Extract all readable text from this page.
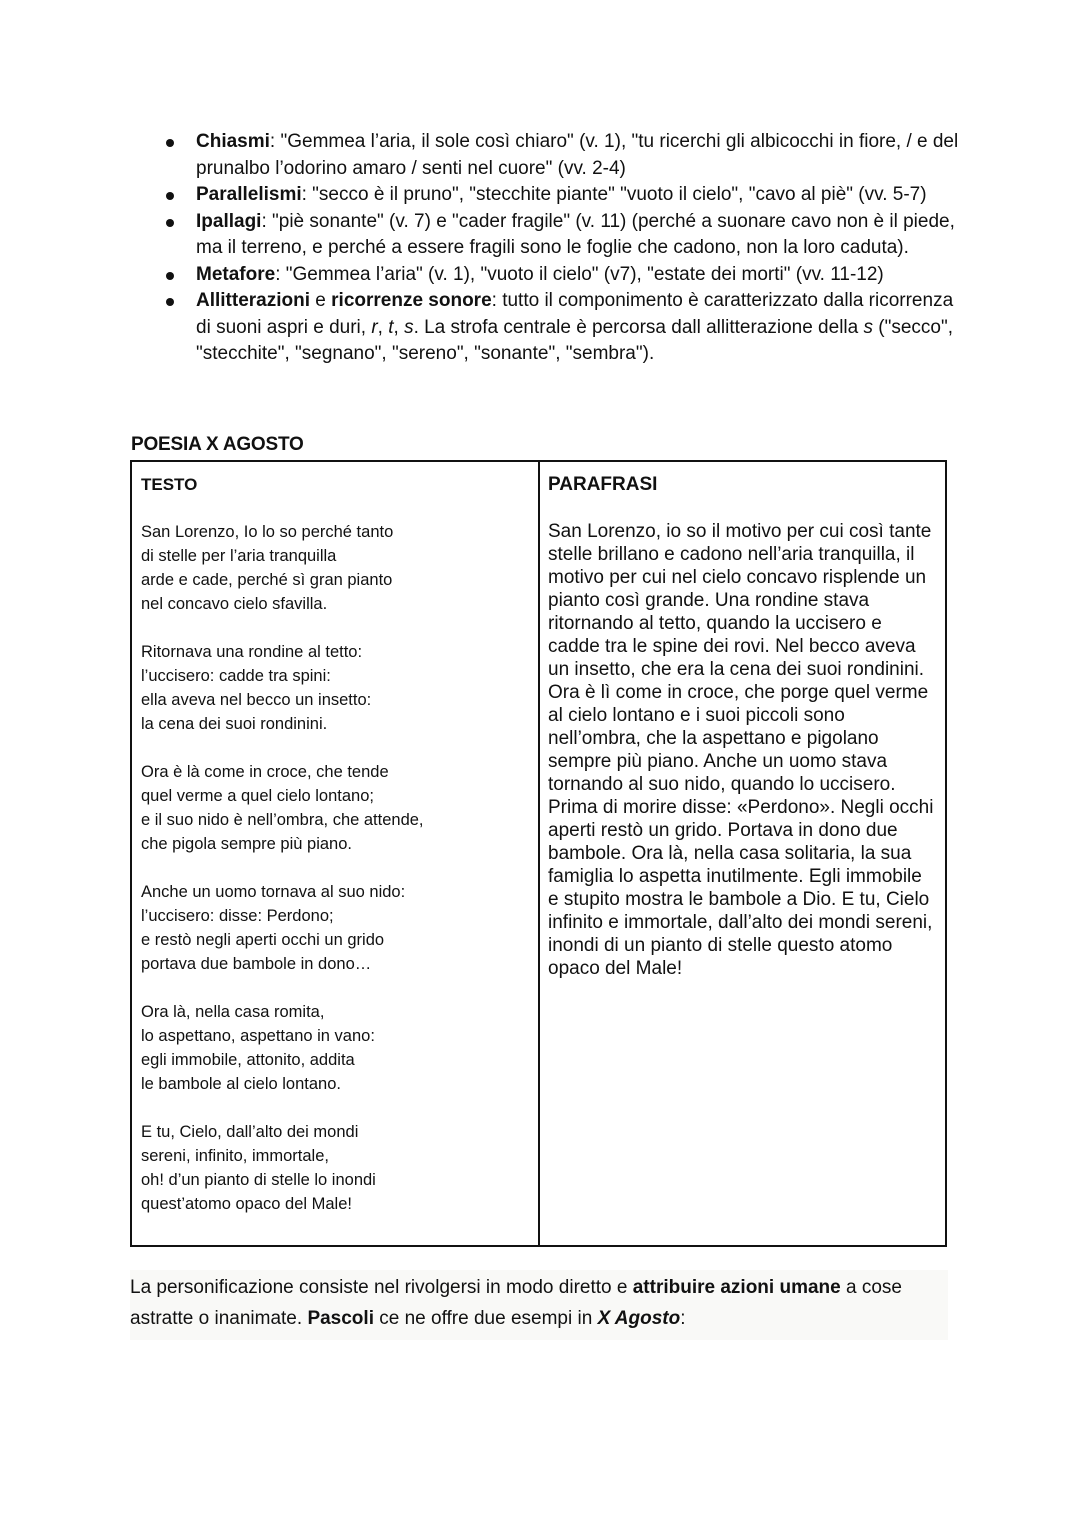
Chiasmi: "Gemmea l’aria, il sole così chiaro" (v. 1), "tu ricerchi gli albicocchi in fiore, / e del prunalbo l’odorino amaro / senti nel cuore" (vv. 2-4)
Parallelismi: "secco è il pruno", "stecchite piante" "vuoto il cielo", "cavo al piè" (vv. 5-7)
Ipallagi: "piè sonante" (v. 7) e "cader fragile" (v. 11) (perché a suonare cavo non è il piede, ma il terreno, e perché a essere fragili sono le foglie che cadono, non la loro caduta).
Metafore: "Gemmea l’aria" (v. 1), "vuoto il cielo" (v7), "estate dei morti" (vv. 11-12)
Allitterazioni e ricorrenze sonore: tutto il componimento è caratterizzato dalla ricorrenza di suoni aspri e duri, r, t, s. La strofa centrale è percorsa dall allitterazione della s ("secco", "stecchite", "segnano", "sereno", "sonante", "sembra").
POESIA X AGOSTO
TESTO
San Lorenzo, Io lo so perché tanto
di stelle per l’aria tranquilla
arde e cade, perché sì gran pianto
nel concavo cielo sfavilla.
Ritornava una rondine al tetto:
l’uccisero: cadde tra spini:
ella aveva nel becco un insetto:
la cena dei suoi rondinini.
Ora è là come in croce, che tende
quel verme a quel cielo lontano;
e il suo nido è nell’ombra, che attende,
che pigola sempre più piano.
Anche un uomo tornava al suo nido:
l’uccisero: disse: Perdono;
e restò negli aperti occhi un grido
portava due bambole in dono…
Ora là, nella casa romita,
lo aspettano, aspettano in vano:
egli immobile, attonito, addita
le bambole al cielo lontano.
E tu, Cielo, dall’alto dei mondi
sereni, infinito, immortale,
oh! d’un pianto di stelle lo inondi
quest’atomo opaco del Male!
PARAFRASI
San Lorenzo, io so il motivo per cui così tante stelle brillano e cadono nell’aria tranquilla, il motivo per cui nel cielo concavo risplende un pianto così grande. Una rondine stava ritornando al tetto, quando la uccisero e cadde tra le spine dei rovi. Nel becco aveva un insetto, che era la cena dei suoi rondinini. Ora è lì come in croce, che porge quel verme al cielo lontano e i suoi piccoli sono nell’ombra, che la aspettano e pigolano sempre più piano. Anche un uomo stava tornando al suo nido, quando lo uccisero. Prima di morire disse: «Perdono». Negli occhi aperti restò un grido. Portava in dono due bambole. Ora là, nella casa solitaria, la sua famiglia lo aspetta inutilmente. Egli immobile e stupito mostra le bambole a Dio. E tu, Cielo infinito e immortale, dall’alto dei mondi sereni, inondi di un pianto di stelle questo atomo opaco del Male!
La personificazione consiste nel rivolgersi in modo diretto e attribuire azioni umane a cose astratte o inanimate. Pascoli ce ne offre due esempi in X Agosto:
